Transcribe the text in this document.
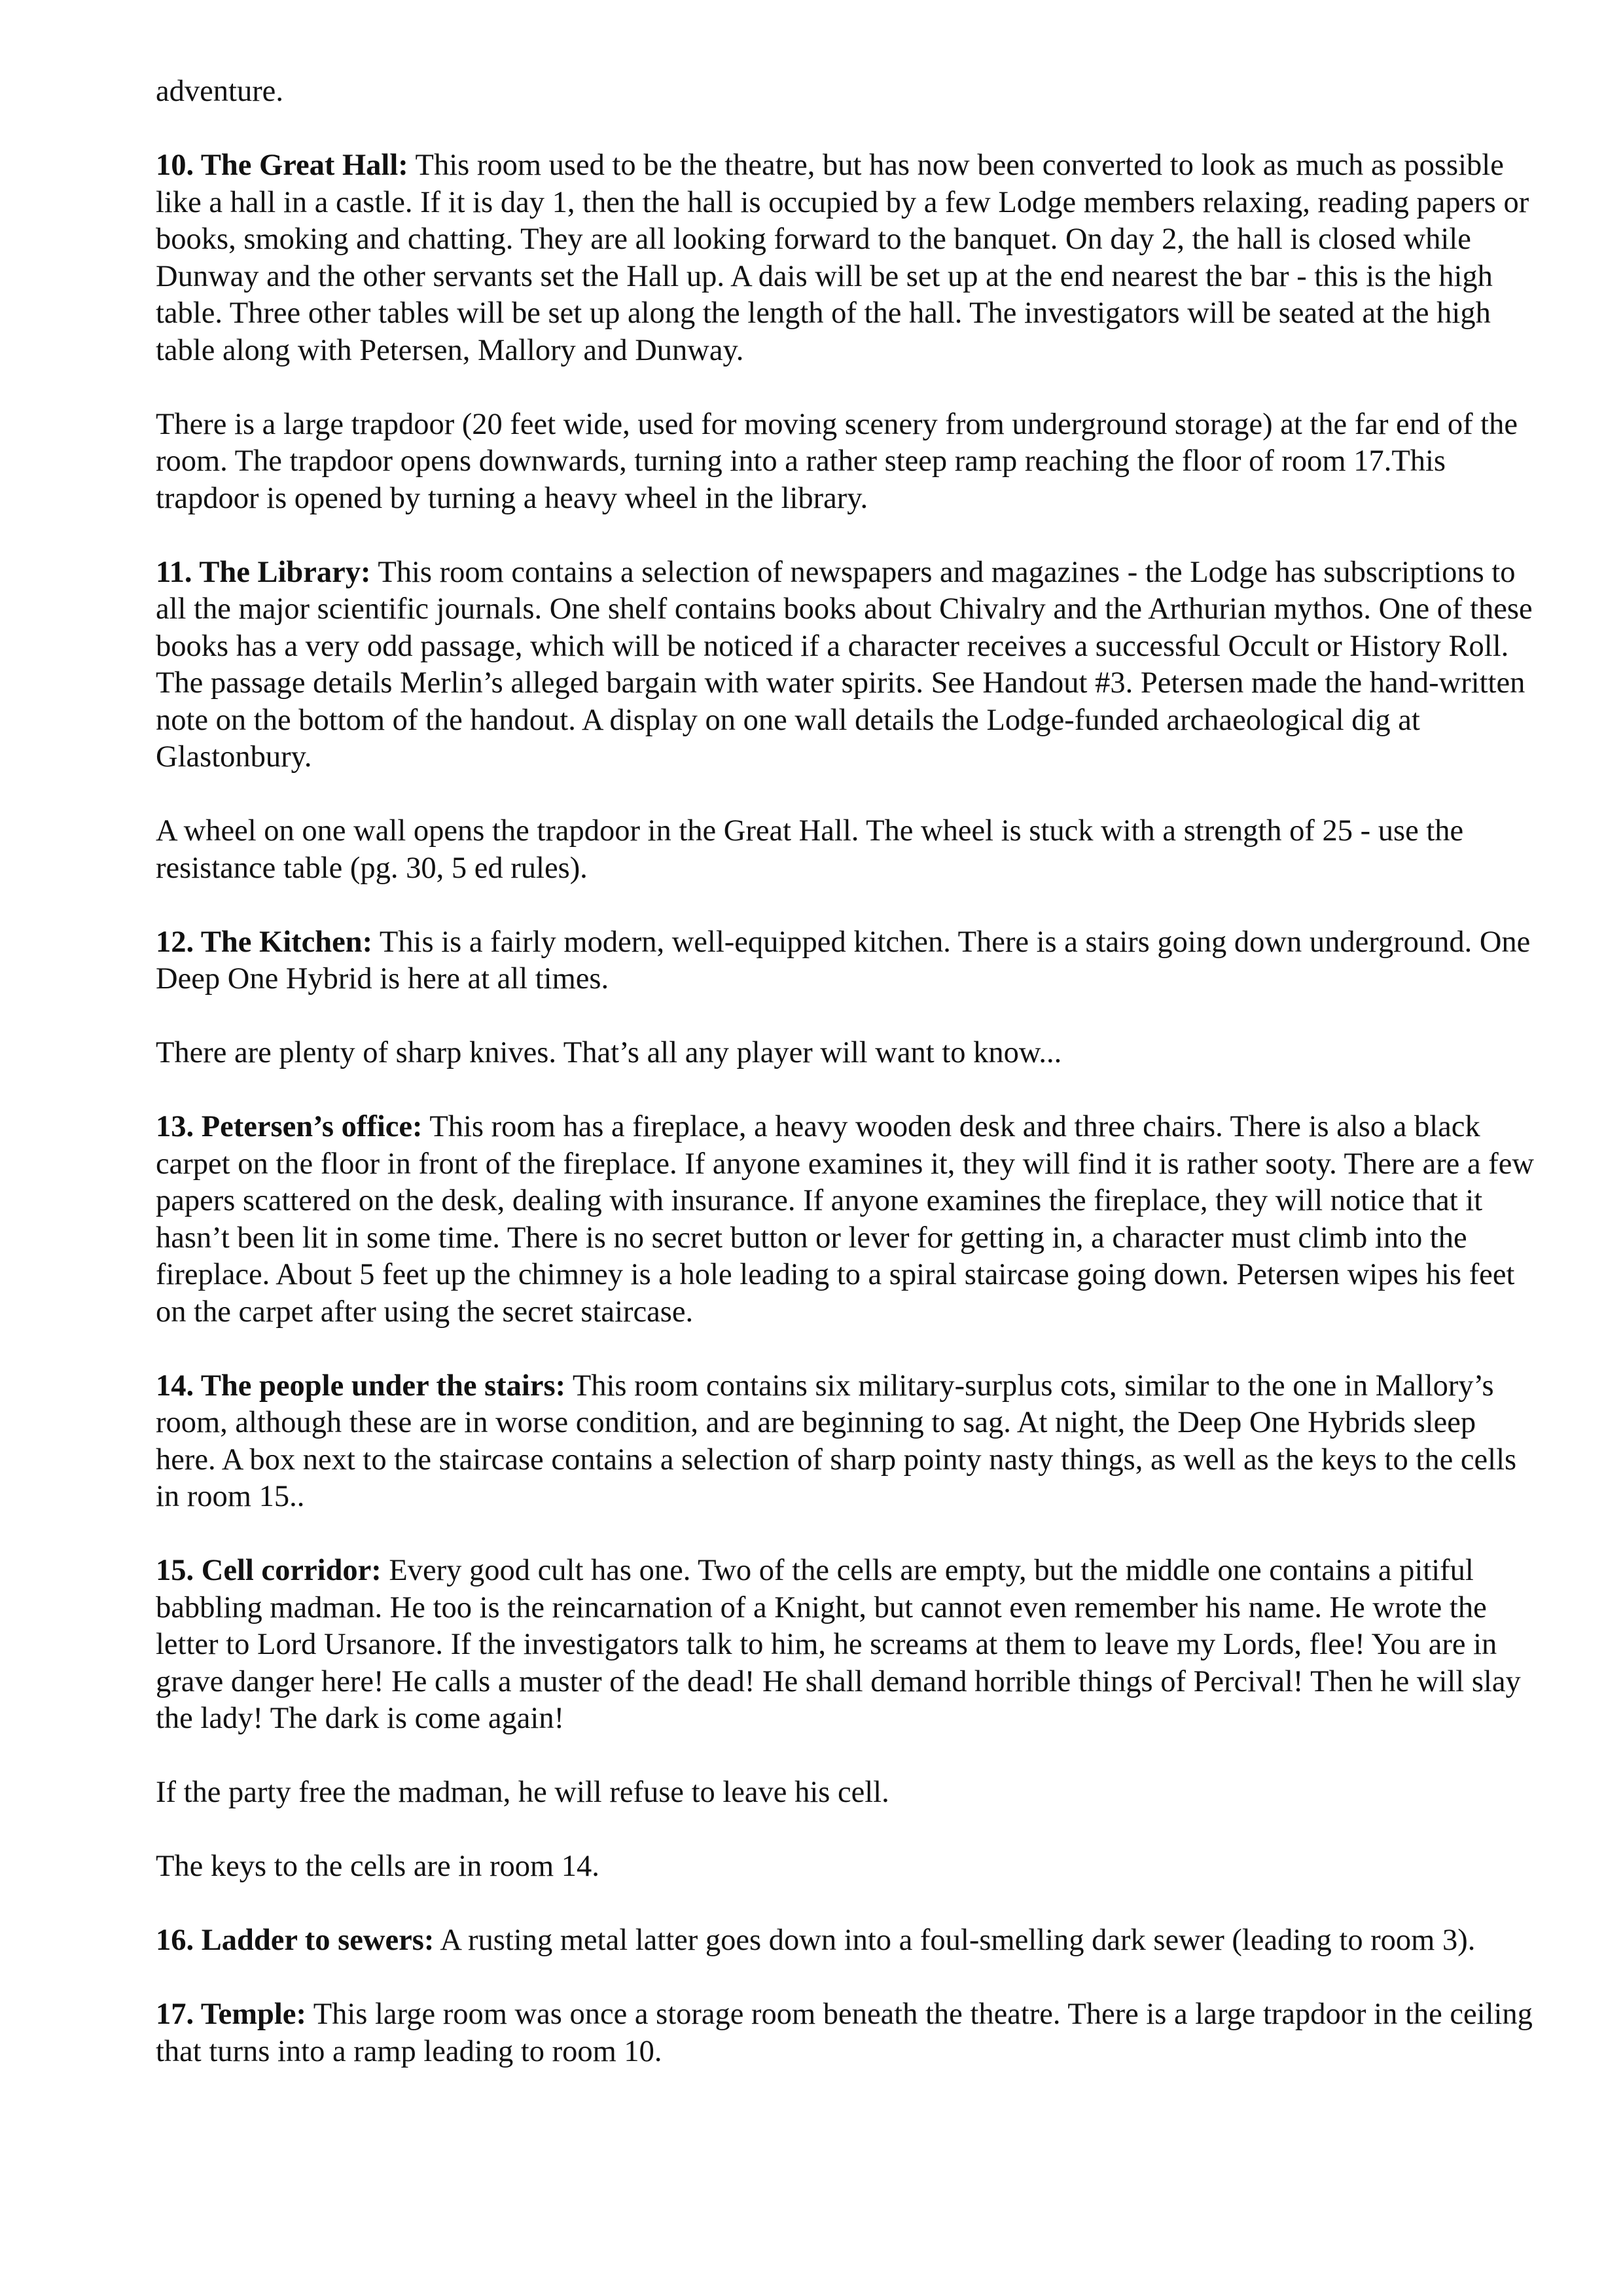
adventure.

10. The Great Hall: This room used to be the theatre, but has now been converted to look as much as possible like a hall in a castle. If it is day 1, then the hall is occupied by a few Lodge members relaxing, reading papers or books, smoking and chatting. They are all looking forward to the banquet. On day 2, the hall is closed while Dunway and the other servants set the Hall up. A dais will be set up at the end nearest the bar - this is the high table. Three other tables will be set up along the length of the hall. The investigators will be seated at the high table along with Petersen, Mallory and Dunway.

There is a large trapdoor (20 feet wide, used for moving scenery from underground storage) at the far end of the room. The trapdoor opens downwards, turning into a rather steep ramp reaching the floor of room 17.This trapdoor is opened by turning a heavy wheel in the library.

11. The Library: This room contains a selection of newspapers and magazines - the Lodge has subscriptions to all the major scientific journals. One shelf contains books about Chivalry and the Arthurian mythos. One of these books has a very odd passage, which will be noticed if a character receives a successful Occult or History Roll. The passage details Merlin’s alleged bargain with water spirits. See Handout #3. Petersen made the hand-written note on the bottom of the handout. A display on one wall details the Lodge-funded archaeological dig at Glastonbury.

A wheel on one wall opens the trapdoor in the Great Hall. The wheel is stuck with a strength of 25 - use the resistance table (pg. 30, 5 ed rules).

12. The Kitchen: This is a fairly modern, well-equipped kitchen. There is a stairs going down underground. One Deep One Hybrid is here at all times.

There are plenty of sharp knives. That’s all any player will want to know...

13. Petersen’s office: This room has a fireplace, a heavy wooden desk and three chairs. There is also a black carpet on the floor in front of the fireplace. If anyone examines it, they will find it is rather sooty. There are a few papers scattered on the desk, dealing with insurance. If anyone examines the fireplace, they will notice that it hasn’t been lit in some time. There is no secret button or lever for getting in, a character must climb into the fireplace. About 5 feet up the chimney is a hole leading to a spiral staircase going down. Petersen wipes his feet on the carpet after using the secret staircase.

14. The people under the stairs: This room contains six military-surplus cots, similar to the one in Mallory’s room, although these are in worse condition, and are beginning to sag. At night, the Deep One Hybrids sleep here. A box next to the staircase contains a selection of sharp pointy nasty things, as well as the keys to the cells in room 15..

15. Cell corridor: Every good cult has one. Two of the cells are empty, but the middle one contains a pitiful babbling madman. He too is the reincarnation of a Knight, but cannot even remember his name. He wrote the letter to Lord Ursanore. If the investigators talk to him, he screams at them to leave my Lords, flee! You are in grave danger here! He calls a muster of the dead! He shall demand horrible things of Percival! Then he will slay the lady! The dark is come again!

If the party free the madman, he will refuse to leave his cell.

The keys to the cells are in room 14.

16. Ladder to sewers: A rusting metal latter goes down into a foul-smelling dark sewer (leading to room 3).

17. Temple: This large room was once a storage room beneath the theatre. There is a large trapdoor in the ceiling that turns into a ramp leading to room 10.
